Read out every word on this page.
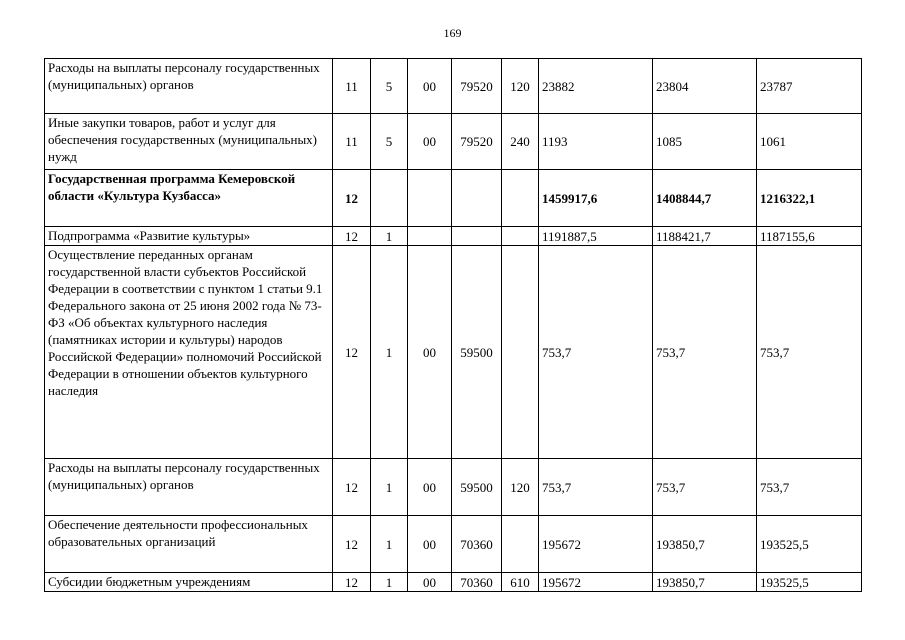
169
Расходы на выплаты персоналу государственных (муниципальных) органов	11	5	00	79520	120	23882	23804	23787
Иные закупки товаров, работ и услуг для обеспечения государственных (муниципальных) нужд	11	5	00	79520	240	1193	1085	1061
Государственная программа Кемеровской области «Культура Кузбасса»	12					1459917,6	1408844,7	1216322,1
Подпрограмма «Развитие культуры»	12	1				1191887,5	1188421,7	1187155,6
Осуществление переданных органам государственной власти субъектов Российской Федерации в соответствии с пунктом 1 статьи 9.1 Федерального закона от 25 июня 2002 года № 73-ФЗ «Об объектах культурного наследия (памятниках истории и культуры) народов Российской Федерации» полномочий Российской Федерации в отношении объектов культурного наследия	12	1	00	59500		753,7	753,7	753,7
Расходы на выплаты персоналу государственных (муниципальных) органов	12	1	00	59500	120	753,7	753,7	753,7
Обеспечение деятельности профессиональных образовательных организаций	12	1	00	70360		195672	193850,7	193525,5
Субсидии бюджетным учреждениям	12	1	00	70360	610	195672	193850,7	193525,5
